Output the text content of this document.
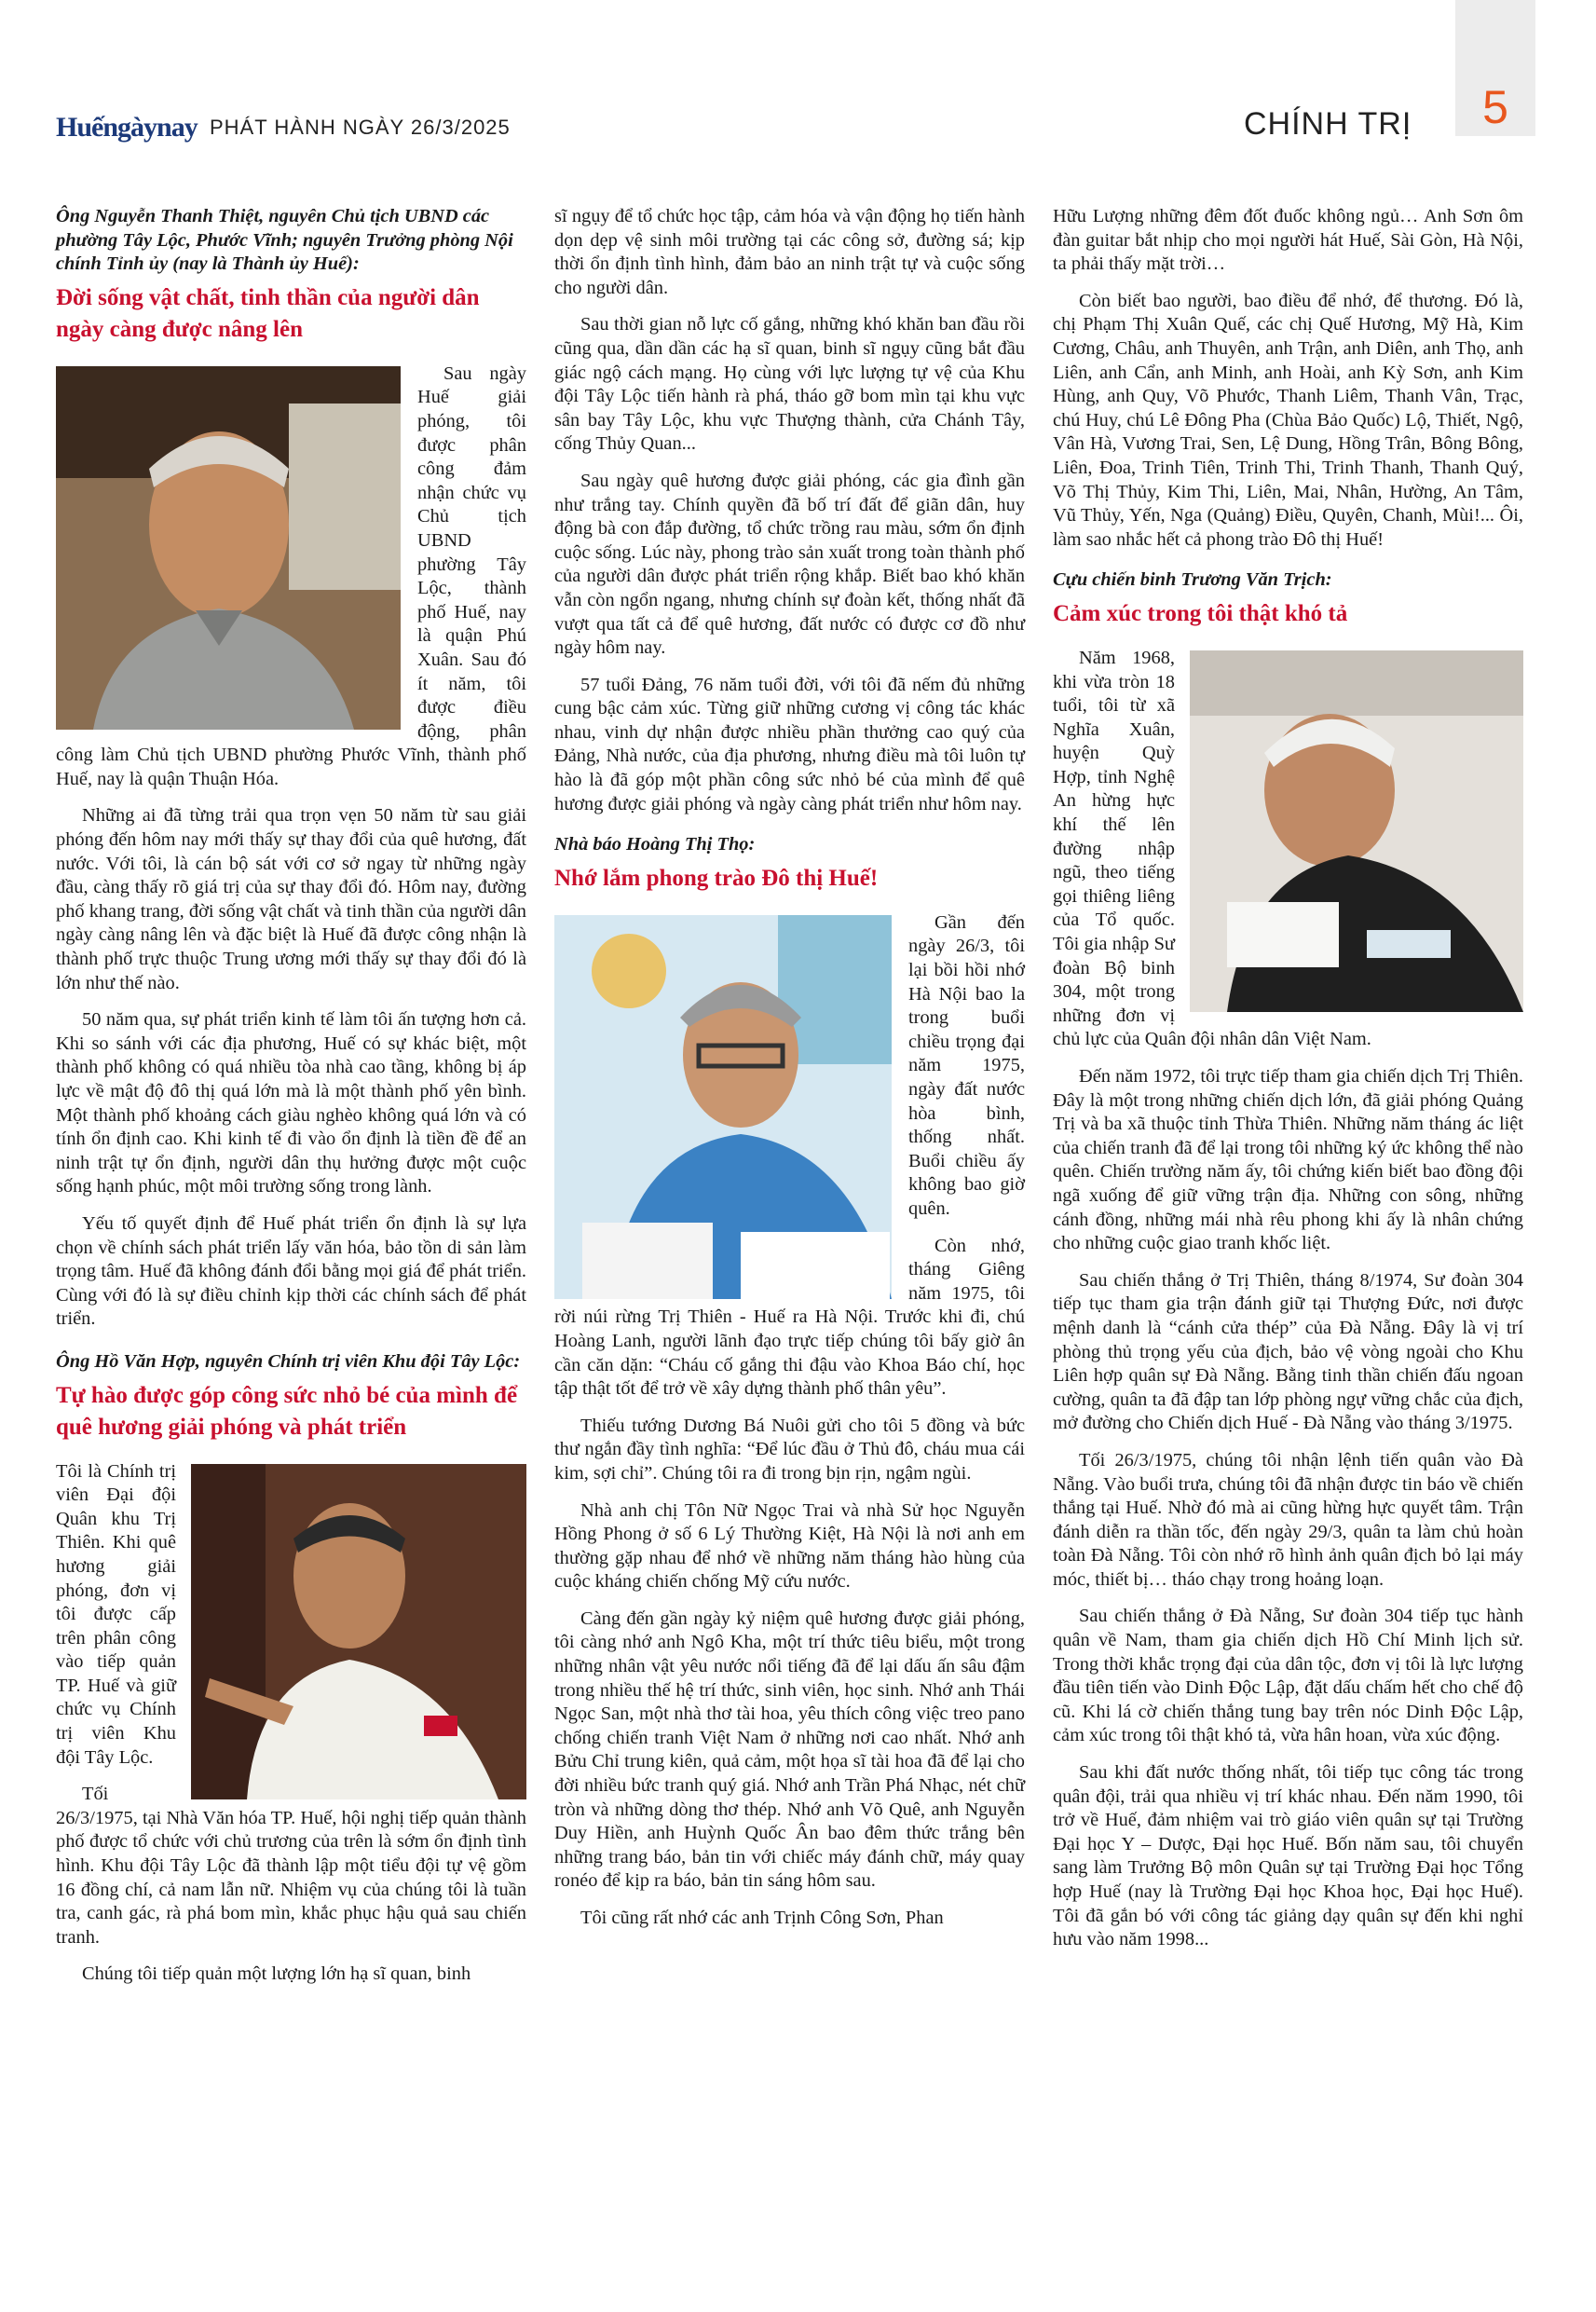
5
Huếngàynay PHÁT HÀNH NGÀY 26/3/2025	CHÍNH TRỊ
Ông Nguyễn Thanh Thiệt, nguyên Chủ tịch UBND các phường Tây Lộc, Phước Vĩnh; nguyên Trưởng phòng Nội chính Tỉnh ủy (nay là Thành ủy Huế):
Đời sống vật chất, tinh thần của người dân ngày càng được nâng lên

Sau ngày Huế giải phóng, tôi được phân công đảm nhận chức vụ Chủ tịch UBND phường Tây Lộc, thành phố Huế, nay là quận Phú Xuân. Sau đó ít năm, tôi được điều động, phân công làm Chủ tịch UBND phường Phước Vĩnh, thành phố Huế, nay là quận Thuận Hóa.

Những ai đã từng trải qua trọn vẹn 50 năm từ sau giải phóng đến hôm nay mới thấy sự thay đổi của quê hương, đất nước. Với tôi, là cán bộ sát với cơ sở ngay từ những ngày đầu, càng thấy rõ giá trị của sự thay đổi đó. Hôm nay, đường phố khang trang, đời sống vật chất và tinh thần của người dân ngày càng nâng lên và đặc biệt là Huế đã được công nhận là thành phố trực thuộc Trung ương mới thấy sự thay đổi đó là lớn như thế nào.

50 năm qua, sự phát triển kinh tế làm tôi ấn tượng hơn cả. Khi so sánh với các địa phương, Huế có sự khác biệt, một thành phố không có quá nhiều tòa nhà cao tầng, không bị áp lực về mật độ đô thị quá lớn mà là một thành phố yên bình. Một thành phố khoảng cách giàu nghèo không quá lớn và có tính ổn định cao. Khi kinh tế đi vào ổn định là tiền đề để an ninh trật tự ổn định, người dân thụ hưởng được một cuộc sống hạnh phúc, một môi trường sống trong lành.

Yếu tố quyết định để Huế phát triển ổn định là sự lựa chọn về chính sách phát triển lấy văn hóa, bảo tồn di sản làm trọng tâm. Huế đã không đánh đổi bằng mọi giá để phát triển. Cùng với đó là sự điều chỉnh kịp thời các chính sách để phát triển.

Ông Hồ Văn Hợp, nguyên Chính trị viên Khu đội Tây Lộc:
Tự hào được góp công sức nhỏ bé của mình để quê hương giải phóng và phát triển

Tôi là Chính trị viên Đại đội Quân khu Trị Thiên. Khi quê hương giải phóng, đơn vị tôi được cấp trên phân công vào tiếp quản TP. Huế và giữ chức vụ Chính trị viên Khu đội Tây Lộc.

Tối 26/3/1975, tại Nhà Văn hóa TP. Huế, hội nghị tiếp quản thành phố được tổ chức với chủ trương của trên là sớm ổn định tình hình. Khu đội Tây Lộc đã thành lập một tiểu đội tự vệ gồm 16 đồng chí, cả nam lẫn nữ. Nhiệm vụ của chúng tôi là tuần tra, canh gác, rà phá bom mìn, khắc phục hậu quả sau chiến tranh.

Chúng tôi tiếp quản một lượng lớn hạ sĩ quan, binh

sĩ ngụy để tổ chức học tập, cảm hóa và vận động họ tiến hành dọn dẹp vệ sinh môi trường tại các công sở, đường sá; kịp thời ổn định tình hình, đảm bảo an ninh trật tự và cuộc sống cho người dân.

Sau thời gian nỗ lực cố gắng, những khó khăn ban đầu rồi cũng qua, dần dần các hạ sĩ quan, binh sĩ ngụy cũng bắt đầu giác ngộ cách mạng. Họ cùng với lực lượng tự vệ của Khu đội Tây Lộc tiến hành rà phá, tháo gỡ bom mìn tại khu vực sân bay Tây Lộc, khu vực Thượng thành, cửa Chánh Tây, cống Thủy Quan...

Sau ngày quê hương được giải phóng, các gia đình gần như trắng tay. Chính quyền đã bố trí đất để giãn dân, huy động bà con đắp đường, tổ chức trồng rau màu, sớm ổn định cuộc sống. Lúc này, phong trào sản xuất trong toàn thành phố của người dân được phát triển rộng khắp. Biết bao khó khăn vẫn còn ngổn ngang, nhưng chính sự đoàn kết, thống nhất đã vượt qua tất cả để quê hương, đất nước có được cơ đồ như ngày hôm nay.

57 tuổi Đảng, 76 năm tuổi đời, với tôi đã nếm đủ những cung bậc cảm xúc. Từng giữ những cương vị công tác khác nhau, vinh dự nhận được nhiều phần thưởng cao quý của Đảng, Nhà nước, của địa phương, nhưng điều mà tôi luôn tự hào là đã góp một phần công sức nhỏ bé của mình để quê hương được giải phóng và ngày càng phát triển như hôm nay.

Nhà báo Hoàng Thị Thọ:
Nhớ lắm phong trào Đô thị Huế!

Gần đến ngày 26/3, tôi lại bồi hồi nhớ Hà Nội bao la trong buổi chiều trọng đại năm 1975, ngày đất nước hòa bình, thống nhất. Buổi chiều ấy không bao giờ quên.

Còn nhớ, tháng Giêng năm 1975, tôi rời núi rừng Trị Thiên - Huế ra Hà Nội. Trước khi đi, chú Hoàng Lanh, người lãnh đạo trực tiếp chúng tôi bấy giờ ân cần căn dặn: “Cháu cố gắng thi đậu vào Khoa Báo chí, học tập thật tốt để trở về xây dựng thành phố thân yêu”.

Thiếu tướng Dương Bá Nuôi gửi cho tôi 5 đồng và bức thư ngắn đầy tình nghĩa: “Để lúc đầu ở Thủ đô, cháu mua cái kim, sợi chỉ”. Chúng tôi ra đi trong bịn rịn, ngậm ngùi.

Nhà anh chị Tôn Nữ Ngọc Trai và nhà Sử học Nguyễn Hồng Phong ở số 6 Lý Thường Kiệt, Hà Nội là nơi anh em thường gặp nhau để nhớ về những năm tháng hào hùng của cuộc kháng chiến chống Mỹ cứu nước.

Càng đến gần ngày kỷ niệm quê hương được giải phóng, tôi càng nhớ anh Ngô Kha, một trí thức tiêu biểu, một trong những nhân vật yêu nước nổi tiếng đã để lại dấu ấn sâu đậm trong nhiều thế hệ trí thức, sinh viên, học sinh. Nhớ anh Thái Ngọc San, một nhà thơ tài hoa, yêu thích công việc treo pano chống chiến tranh Việt Nam ở những nơi cao nhất. Nhớ anh Bửu Chỉ trung kiên, quả cảm, một họa sĩ tài hoa đã để lại cho đời nhiều bức tranh quý giá. Nhớ anh Trần Phá Nhạc, nét chữ tròn và những dòng thơ thép. Nhớ anh Võ Quê, anh Nguyễn Duy Hiền, anh Huỳnh Quốc Ân bao đêm thức trắng bên những trang báo, bản tin với chiếc máy đánh chữ, máy quay ronéo để kịp ra báo, bản tin sáng hôm sau.

Tôi cũng rất nhớ các anh Trịnh Công Sơn, Phan

Hữu Lượng những đêm đốt đuốc không ngủ… Anh Sơn ôm đàn guitar bắt nhịp cho mọi người hát Huế, Sài Gòn, Hà Nội, ta phải thấy mặt trời…

Còn biết bao người, bao điều để nhớ, để thương. Đó là, chị Phạm Thị Xuân Quế, các chị Quế Hương, Mỹ Hà, Kim Cương, Châu, anh Thuyên, anh Trận, anh Diên, anh Thọ, anh Liên, anh Cẩn, anh Minh, anh Hoài, anh Kỳ Sơn, anh Kim Hùng, anh Quy, Võ Phước, Thanh Liêm, Thanh Vân, Trạc, chú Huy, chú Lê Đông Pha (Chùa Bảo Quốc) Lộ, Thiết, Ngộ, Vân Hà, Vương Trai, Sen, Lệ Dung, Hồng Trân, Bông Bông, Liên, Đoa, Trinh Tiên, Trinh Thi, Trinh Thanh, Thanh Quý, Võ Thị Thủy, Kim Thi, Liên, Mai, Nhân, Hường, An Tâm, Vũ Thủy, Yến, Nga (Quảng) Điều, Quyên, Chanh, Mùi!... Ôi, làm sao nhắc hết cả phong trào Đô thị Huế!

Cựu chiến binh Trương Văn Trịch:
Cảm xúc trong tôi thật khó tả

Năm 1968, khi vừa tròn 18 tuổi, tôi từ xã Nghĩa Xuân, huyện Quỳ Hợp, tỉnh Nghệ An hừng hực khí thế lên đường nhập ngũ, theo tiếng gọi thiêng liêng của Tổ quốc. Tôi gia nhập Sư đoàn Bộ binh 304, một trong những đơn vị chủ lực của Quân đội nhân dân Việt Nam.

Đến năm 1972, tôi trực tiếp tham gia chiến dịch Trị Thiên. Đây là một trong những chiến dịch lớn, đã giải phóng Quảng Trị và ba xã thuộc tỉnh Thừa Thiên. Những năm tháng ác liệt của chiến tranh đã để lại trong tôi những ký ức không thể nào quên. Chiến trường năm ấy, tôi chứng kiến biết bao đồng đội ngã xuống để giữ vững trận địa. Những con sông, những cánh đồng, những mái nhà rêu phong khi ấy là nhân chứng cho những cuộc giao tranh khốc liệt.

Sau chiến thắng ở Trị Thiên, tháng 8/1974, Sư đoàn 304 tiếp tục tham gia trận đánh giữ tại Thượng Đức, nơi được mệnh danh là “cánh cửa thép” của Đà Nẵng. Đây là vị trí phòng thủ trọng yếu của địch, bảo vệ vòng ngoài cho Khu Liên hợp quân sự Đà Nẵng. Bằng tinh thần chiến đấu ngoan cường, quân ta đã đập tan lớp phòng ngự vững chắc của địch, mở đường cho Chiến dịch Huế - Đà Nẵng vào tháng 3/1975.

Tối 26/3/1975, chúng tôi nhận lệnh tiến quân vào Đà Nẵng. Vào buổi trưa, chúng tôi đã nhận được tin báo về chiến thắng tại Huế. Nhờ đó mà ai cũng hừng hực quyết tâm. Trận đánh diễn ra thần tốc, đến ngày 29/3, quân ta làm chủ hoàn toàn Đà Nẵng. Tôi còn nhớ rõ hình ảnh quân địch bỏ lại máy móc, thiết bị… tháo chạy trong hoảng loạn.

Sau chiến thắng ở Đà Nẵng, Sư đoàn 304 tiếp tục hành quân về Nam, tham gia chiến dịch Hồ Chí Minh lịch sử. Trong thời khắc trọng đại của dân tộc, đơn vị tôi là lực lượng đầu tiên tiến vào Dinh Độc Lập, đặt dấu chấm hết cho chế độ cũ. Khi lá cờ chiến thắng tung bay trên nóc Dinh Độc Lập, cảm xúc trong tôi thật khó tả, vừa hân hoan, vừa xúc động.

Sau khi đất nước thống nhất, tôi tiếp tục công tác trong quân đội, trải qua nhiều vị trí khác nhau. Đến năm 1990, tôi trở về Huế, đảm nhiệm vai trò giáo viên quân sự tại Trường Đại học Y – Dược, Đại học Huế. Bốn năm sau, tôi chuyển sang làm Trưởng Bộ môn Quân sự tại Trường Đại học Tổng hợp Huế (nay là Trường Đại học Khoa học, Đại học Huế). Tôi đã gắn bó với công tác giảng dạy quân sự đến khi nghỉ hưu vào năm 1998...
